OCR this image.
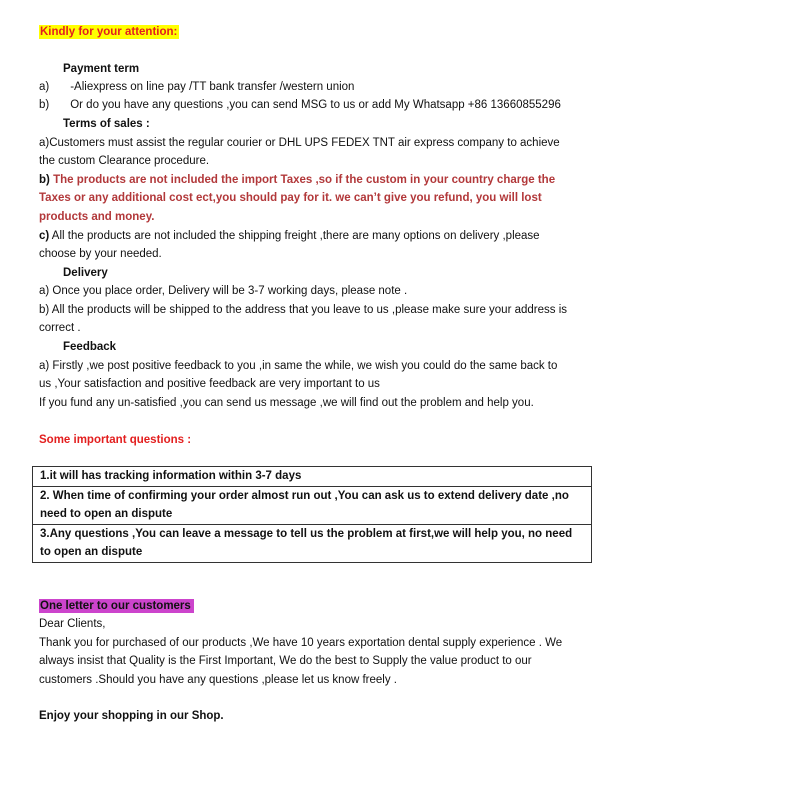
Kindly for your attention:
Payment term
a) -Aliexpress on line pay /TT bank transfer /western union
b) Or do you have any questions ,you can send MSG to us or add My Whatsapp +86 13660855296
Terms of sales :
a)Customers must assist the regular courier or DHL UPS FEDEX TNT air express company to achieve
the custom Clearance procedure.
b) The products are not included the import Taxes ,so if the custom in your country charge the
Taxes or any additional cost ect,you should pay for it. we can’t give you refund, you will lost
products and money.
c) All the products are not included the shipping freight ,there are many options on delivery ,please
choose by your needed.
Delivery
a) Once you place order, Delivery will be 3-7 working days, please note .
b) All the products will be shipped to the address that you leave to us ,please make sure your address is
correct .
Feedback
a) Firstly ,we post positive feedback to you ,in same the while, we wish you could do the same back to
us ,Your satisfaction and positive feedback are very important to us
If you fund any un-satisfied ,you can send us message ,we will find out the problem and help you.
Some important questions :
1.it will has tracking information within 3-7 days
2. When time of confirming your order almost run out ,You can ask us to extend delivery date ,no
need to open an dispute
3.Any questions ,You can leave a message to tell us the problem at first,we will help you, no need
to open an dispute
One letter to our customers
Dear Clients,
Thank you for purchased of our products ,We have 10 years exportation dental supply experience . We
always insist that Quality is the First Important, We do the best to Supply the value product to our
customers .Should you have any questions ,please let us know freely .
Enjoy your shopping in our Shop.
